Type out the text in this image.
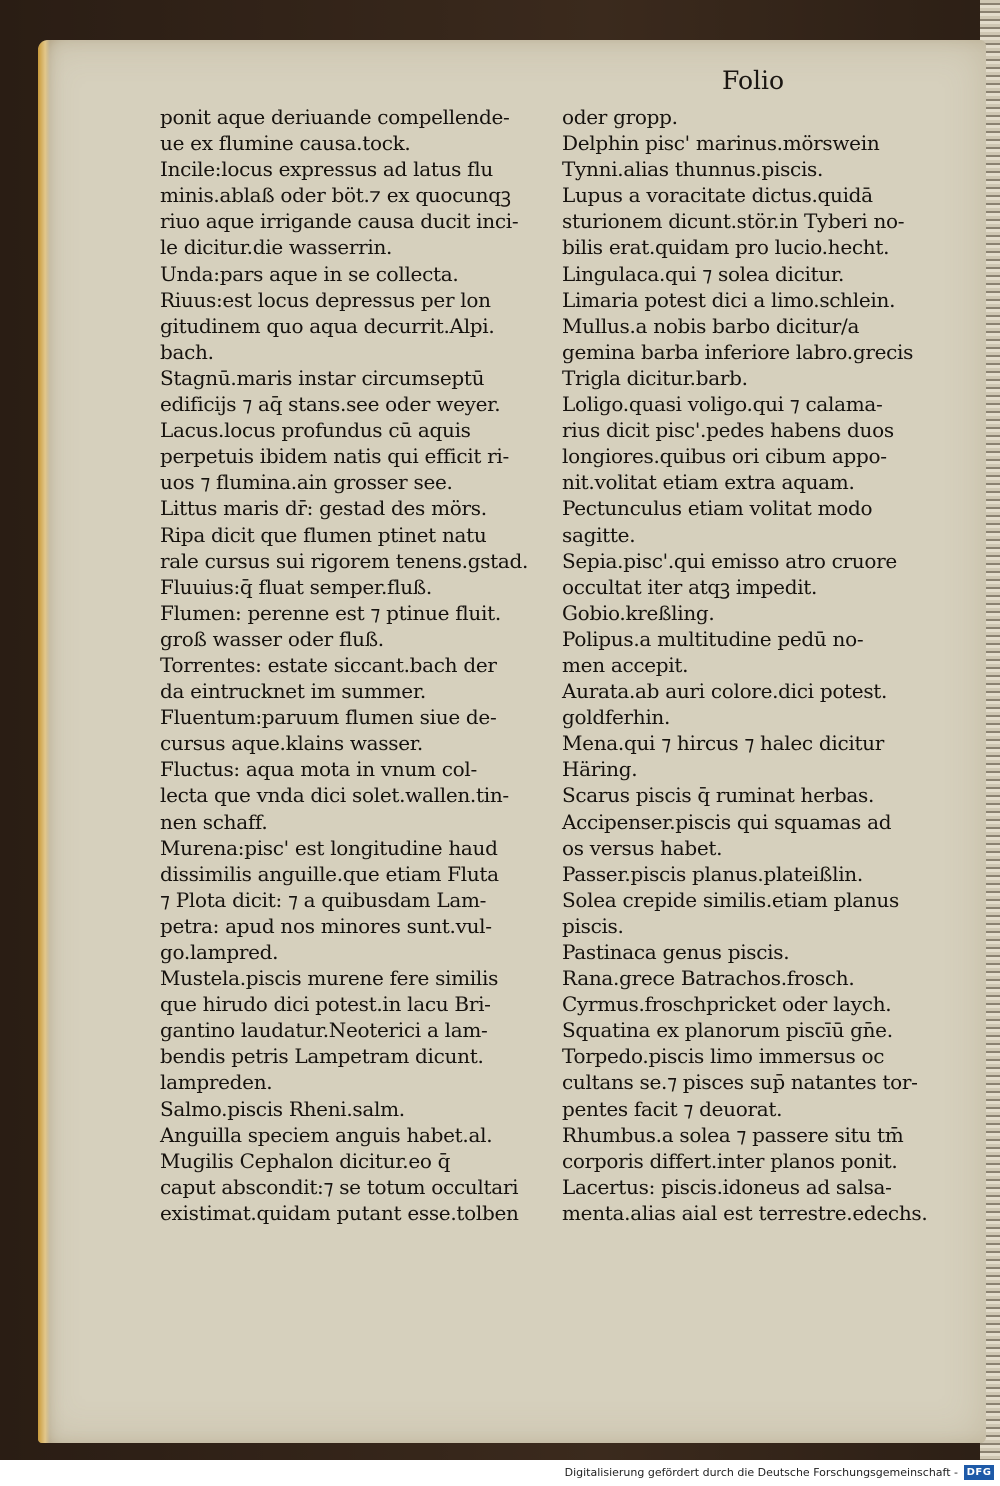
Folio
ponit aque deriuande compellende-
ue ex flumine causa.tock.
Incile:locus expressus ad latus flu
minis.ablaß oder böt.⁊ ex quocunqꝫ
riuo aque irrigande causa ducit inci-
le dicitur.die wasserrin.
Unda:pars aque in se collecta.
Riuus:est locus depressus per lon
gitudinem quo aqua decurrit.Alpi.
bach.
Stagnū.maris instar circumseptū
edificijs ⁊ aq̄ stans.see oder weyer.
Lacus.locus profundus cū aquis
perpetuis ibidem natis qui efficit ri-
uos ⁊ flumina.ain grosser see.
Littus maris dr̄: gestad des mörs.
Ripa dicit que flumen ptinet natu
rale cursus sui rigorem tenens.gstad.
Fluuius:q̄ fluat semper.fluß.
Flumen: perenne est ⁊ ptinue fluit.
groß wasser oder fluß.
Torrentes: estate siccant.bach der
da eintrucknet im summer.
Fluentum:paruum flumen siue de-
cursus aque.klains wasser.
Fluctus: aqua mota in vnum col-
lecta que vnda dici solet.wallen.tin-
nen schaff.
Murena:pisc' est longitudine haud
dissimilis anguille.que etiam Fluta
⁊ Plota dicit: ⁊ a quibusdam Lam-
petra: apud nos minores sunt.vul-
go.lampred.
Mustela.piscis murene fere similis
que hirudo dici potest.in lacu Bri-
gantino laudatur.Neoterici a lam-
bendis petris Lampetram dicunt.
lampreden.
Salmo.piscis Rheni.salm.
Anguilla speciem anguis habet.al.
Mugilis Cephalon dicitur.eo q̄
caput abscondit:⁊ se totum occultari
existimat.quidam putant esse.tolben
oder gropp.
Delphin pisc' marinus.mörswein
Tynni.alias thunnus.piscis.
Lupus a voracitate dictus.quidā
sturionem dicunt.stör.in Tyberi no-
bilis erat.quidam pro lucio.hecht.
Lingulaca.qui ⁊ solea dicitur.
Limaria potest dici a limo.schlein.
Mullus.a nobis barbo dicitur/a
gemina barba inferiore labro.grecis
Trigla dicitur.barb.
Loligo.quasi voligo.qui ⁊ calama-
rius dicit pisc'.pedes habens duos
longiores.quibus ori cibum appo-
nit.volitat etiam extra aquam.
Pectunculus etiam volitat modo
sagitte.
Sepia.pisc'.qui emisso atro cruore
occultat iter atqꝫ impedit.
Gobio.kreßling.
Polipus.a multitudine pedū no-
men accepit.
Aurata.ab auri colore.dici potest.
goldferhin.
Mena.qui ⁊ hircus ⁊ halec dicitur
Häring.
Scarus piscis q̄ ruminat herbas.
Accipenser.piscis qui squamas ad
os versus habet.
Passer.piscis planus.plateißlin.
Solea crepide similis.etiam planus
piscis.
Pastinaca genus piscis.
Rana.grece Batrachos.frosch.
Cyrmus.froschpricket oder laych.
Squatina ex planorum piscīū gn̄e.
Torpedo.piscis limo immersus oc
cultans se.⁊ pisces sup̄ natantes tor-
pentes facit ⁊ deuorat.
Rhumbus.a solea ⁊ passere situ tm̄
corporis differt.inter planos ponit.
Lacertus: piscis.idoneus ad salsa-
menta.alias aial est terrestre.edechs.
Digitalisierung gefördert durch die Deutsche Forschungsgemeinschaft - DFG
